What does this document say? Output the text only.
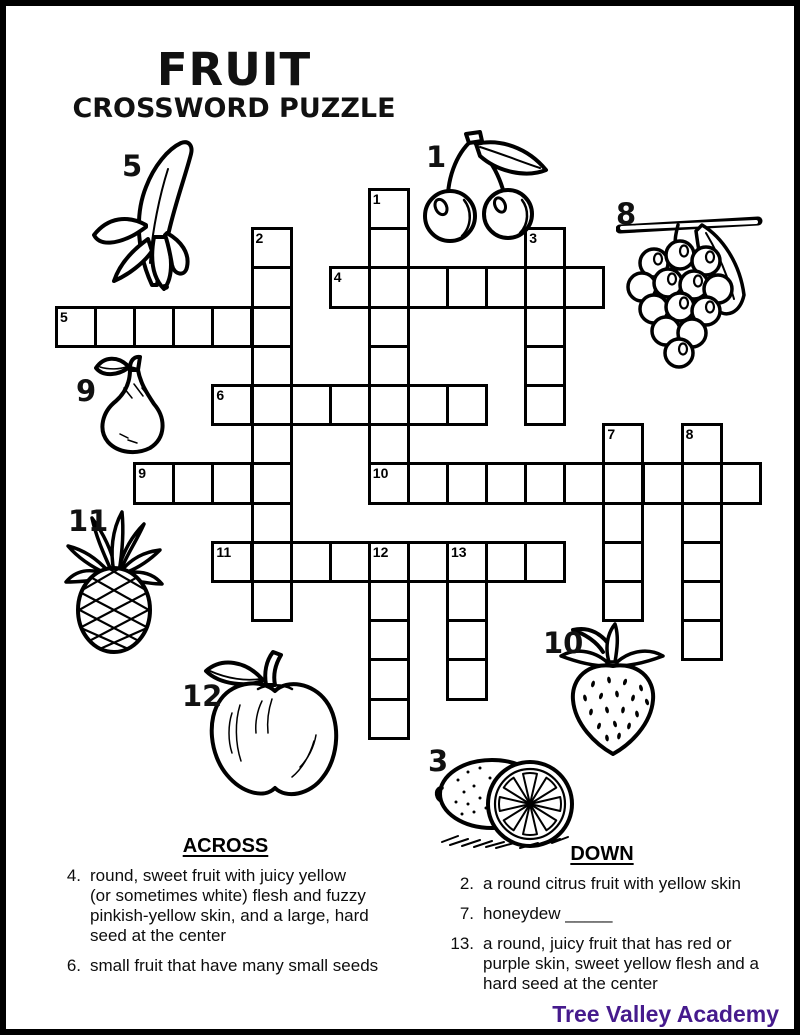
FRUIT
CROSSWORD PUZZLE
1
10
2	3
4
5
6
7	8
9
11	12	13
5	1
8
9
11
12
10
3
ACROSS
4. round, sweet fruit with juicy yellow
(or sometimes white) flesh and fuzzy
pinkish-yellow skin, and a large, hard
seed at the center
6. small fruit that have many small seeds
DOWN
2. a round citrus fruit with yellow skin
7. honeydew _____
13. a round, juicy fruit that has red or
purple skin, sweet yellow flesh and a
hard seed at the center
Tree Valley Academy
